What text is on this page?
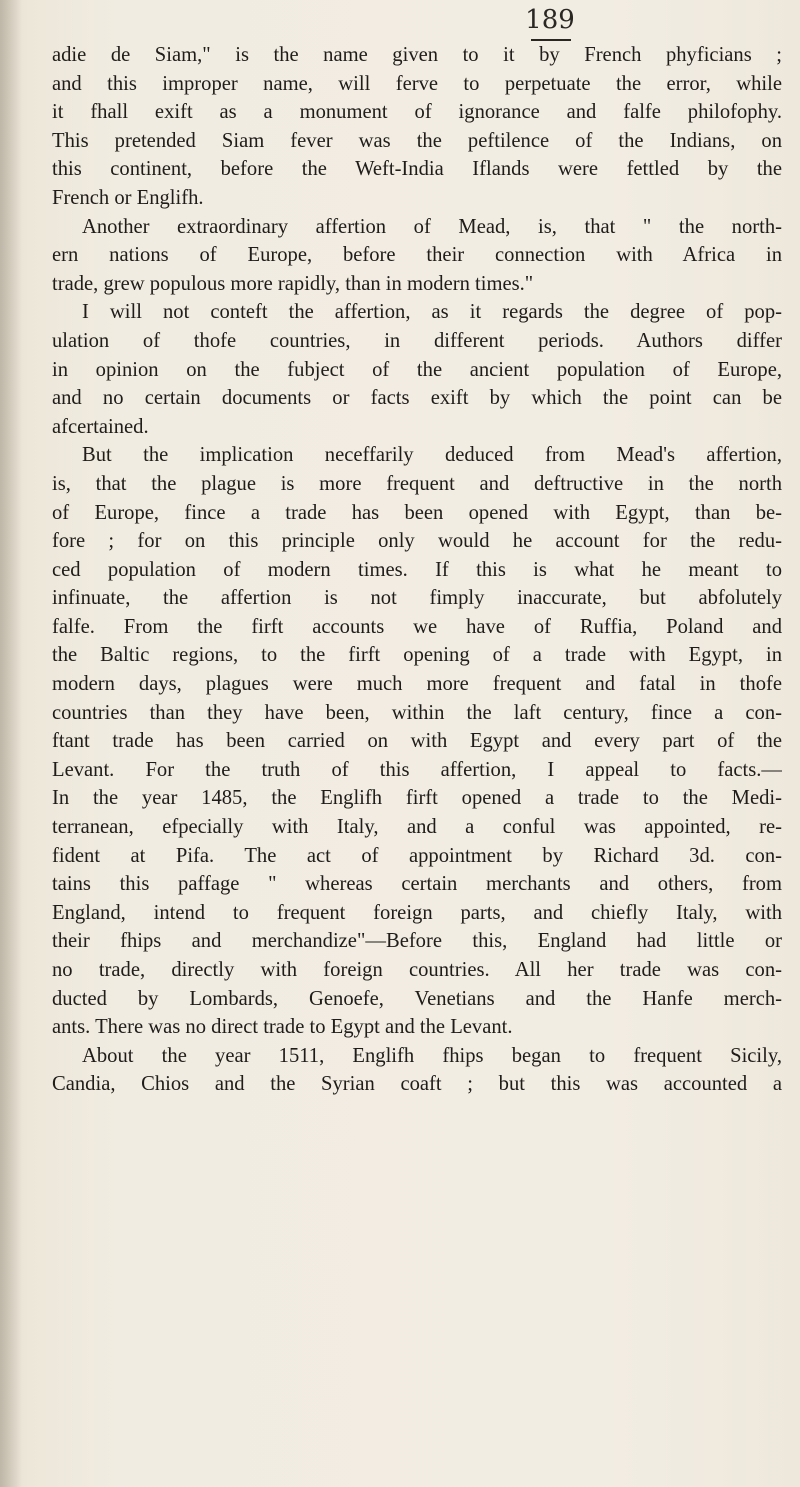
189
adie de Siam," is the name given to it by French phyficians ;
and this improper name, will ferve to perpetuate the error, while
it fhall exift as a monument of ignorance and falfe philofophy.
This pretended Siam fever was the peftilence of the Indians, on
this continent, before the Weft-India Iflands were fettled by the
French or Englifh.
Another extraordinary affertion of Mead, is, that " the north-
ern nations of Europe, before their connection with Africa in
trade, grew populous more rapidly, than in modern times."
I will not conteft the affertion, as it regards the degree of pop-
ulation of thofe countries, in different periods. Authors differ
in opinion on the fubject of the ancient population of Europe,
and no certain documents or facts exift by which the point can be
afcertained.
But the implication neceffarily deduced from Mead's affertion,
is, that the plague is more frequent and deftructive in the north
of Europe, fince a trade has been opened with Egypt, than be-
fore ; for on this principle only would he account for the redu-
ced population of modern times. If this is what he meant to
infinuate, the affertion is not fimply inaccurate, but abfolutely
falfe. From the firft accounts we have of Ruffia, Poland and
the Baltic regions, to the firft opening of a trade with Egypt, in
modern days, plagues were much more frequent and fatal in thofe
countries than they have been, within the laft century, fince a con-
ftant trade has been carried on with Egypt and every part of the
Levant. For the truth of this affertion, I appeal to facts.—
In the year 1485, the Englifh firft opened a trade to the Medi-
terranean, efpecially with Italy, and a conful was appointed, re-
fident at Pifa. The act of appointment by Richard 3d. con-
tains this paffage " whereas certain merchants and others, from
England, intend to frequent foreign parts, and chiefly Italy, with
their fhips and merchandize"—Before this, England had little or
no trade, directly with foreign countries. All her trade was con-
ducted by Lombards, Genoefe, Venetians and the Hanfe merch-
ants. There was no direct trade to Egypt and the Levant.
About the year 1511, Englifh fhips began to frequent Sicily,
Candia, Chios and the Syrian coaft ; but this was accounted a
